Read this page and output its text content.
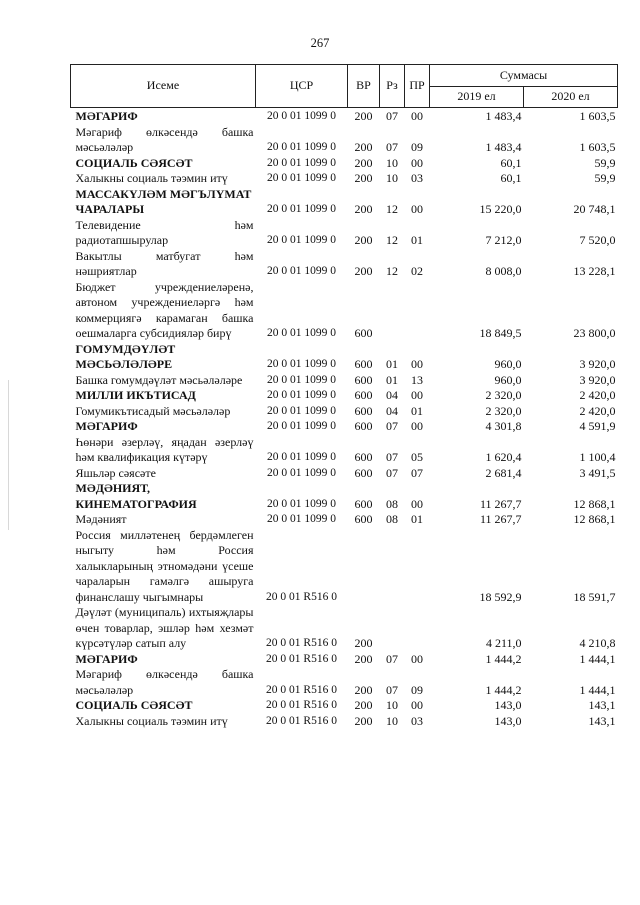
267
Исеме	ЦСР	ВР	Рз	ПР	Суммасы	
					2019 ел	2020 ел
МӘГАРИФ	20 0 01 1099 0	200	07	00	1 483,4	1 603,5
Мәгариф өлкәсендә башка мәсьәләләр	20 0 01 1099 0	200	07	09	1 483,4	1 603,5
СОЦИАЛЬ СӘЯСӘТ	20 0 01 1099 0	200	10	00	60,1	59,9
Халыкны социаль тәэмин итү	20 0 01 1099 0	200	10	03	60,1	59,9
МАССАКҮЛӘМ МӘГЪЛҮМАТ ЧАРАЛАРЫ	20 0 01 1099 0	200	12	00	15 220,0	20 748,1
Телевидение һәм радиотапшырулар	20 0 01 1099 0	200	12	01	7 212,0	7 520,0
Вакытлы матбугат һәм нәшриятлар	20 0 01 1099 0	200	12	02	8 008,0	13 228,1
Бюджет учреждениеләренә, автоном учреждениеләргә һәм коммерциягә карамаган башка оешмаларга субсидияләр бирү	20 0 01 1099 0	600			18 849,5	23 800,0
ГОМУМДӘҮЛӘТ МӘСЬӘЛӘЛӘРЕ	20 0 01 1099 0	600	01	00	960,0	3 920,0
Башка гомумдәүләт мәсьәләләре	20 0 01 1099 0	600	01	13	960,0	3 920,0
МИЛЛИ ИКЪТИСАД	20 0 01 1099 0	600	04	00	2 320,0	2 420,0
Гомумикътисадый мәсьәләләр	20 0 01 1099 0	600	04	01	2 320,0	2 420,0
МӘГАРИФ	20 0 01 1099 0	600	07	00	4 301,8	4 591,9
Һөнәри әзерләү, яңадан әзерләү һәм квалификация күтәрү	20 0 01 1099 0	600	07	05	1 620,4	1 100,4
Яшьләр сәясәте	20 0 01 1099 0	600	07	07	2 681,4	3 491,5
МӘДӘНИЯТ, КИНЕМАТОГРАФИЯ	20 0 01 1099 0	600	08	00	11 267,7	12 868,1
Мәдәният	20 0 01 1099 0	600	08	01	11 267,7	12 868,1
Россия милләтенең бердәмлеген ныгыту һәм Россия халыкларының этномәдәни үсеше чараларын гамәлгә ашыруга финанслашу чыгымнары	20 0 01 R516 0				18 592,9	18 591,7
Дәүләт (муниципаль) ихтыяҗлары өчен товарлар, эшләр һәм хезмәт күрсәтүләр сатып алу	20 0 01 R516 0	200			4 211,0	4 210,8
МӘГАРИФ	20 0 01 R516 0	200	07	00	1 444,2	1 444,1
Мәгариф өлкәсендә башка мәсьәләләр	20 0 01 R516 0	200	07	09	1 444,2	1 444,1
СОЦИАЛЬ СӘЯСӘТ	20 0 01 R516 0	200	10	00	143,0	143,1
Халыкны социаль тәэмин итү	20 0 01 R516 0	200	10	03	143,0	143,1
